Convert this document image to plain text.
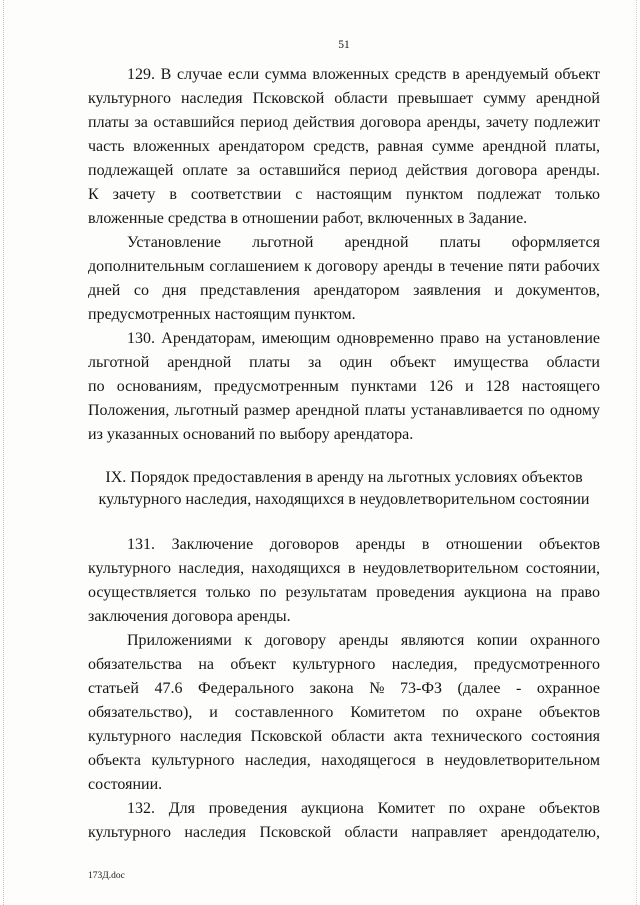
51
129. В случае если сумма вложенных средств в арендуемый объект
культурного наследия Псковской области превышает сумму арендной
платы за оставшийся период действия договора аренды, зачету подлежит
часть вложенных арендатором средств, равная сумме арендной платы,
подлежащей оплате за оставшийся период действия договора аренды.
К зачету в соответствии с настоящим пунктом подлежат только
вложенные средства в отношении работ, включенных в Задание.
Установление льготной арендной платы оформляется
дополнительным соглашением к договору аренды в течение пяти рабочих
дней со дня представления арендатором заявления и документов,
предусмотренных настоящим пунктом.
130. Арендаторам, имеющим одновременно право на установление
льготной арендной платы за один объект имущества области
по основаниям, предусмотренным пунктами 126 и 128 настоящего
Положения, льготный размер арендной платы устанавливается по одному
из указанных оснований по выбору арендатора.
IX. Порядок предоставления в аренду на льготных условиях объектов
культурного наследия, находящихся в неудовлетворительном состоянии
131. Заключение договоров аренды в отношении объектов
культурного наследия, находящихся в неудовлетворительном состоянии,
осуществляется только по результатам проведения аукциона на право
заключения договора аренды.
Приложениями к договору аренды являются копии охранного
обязательства на объект культурного наследия, предусмотренного
статьей 47.6 Федерального закона № 73-ФЗ (далее - охранное
обязательство), и составленного Комитетом по охране объектов
культурного наследия Псковской области акта технического состояния
объекта культурного наследия, находящегося в неудовлетворительном
состоянии.
132. Для проведения аукциона Комитет по охране объектов
культурного наследия Псковской области направляет арендодателю,
173Д.doc
